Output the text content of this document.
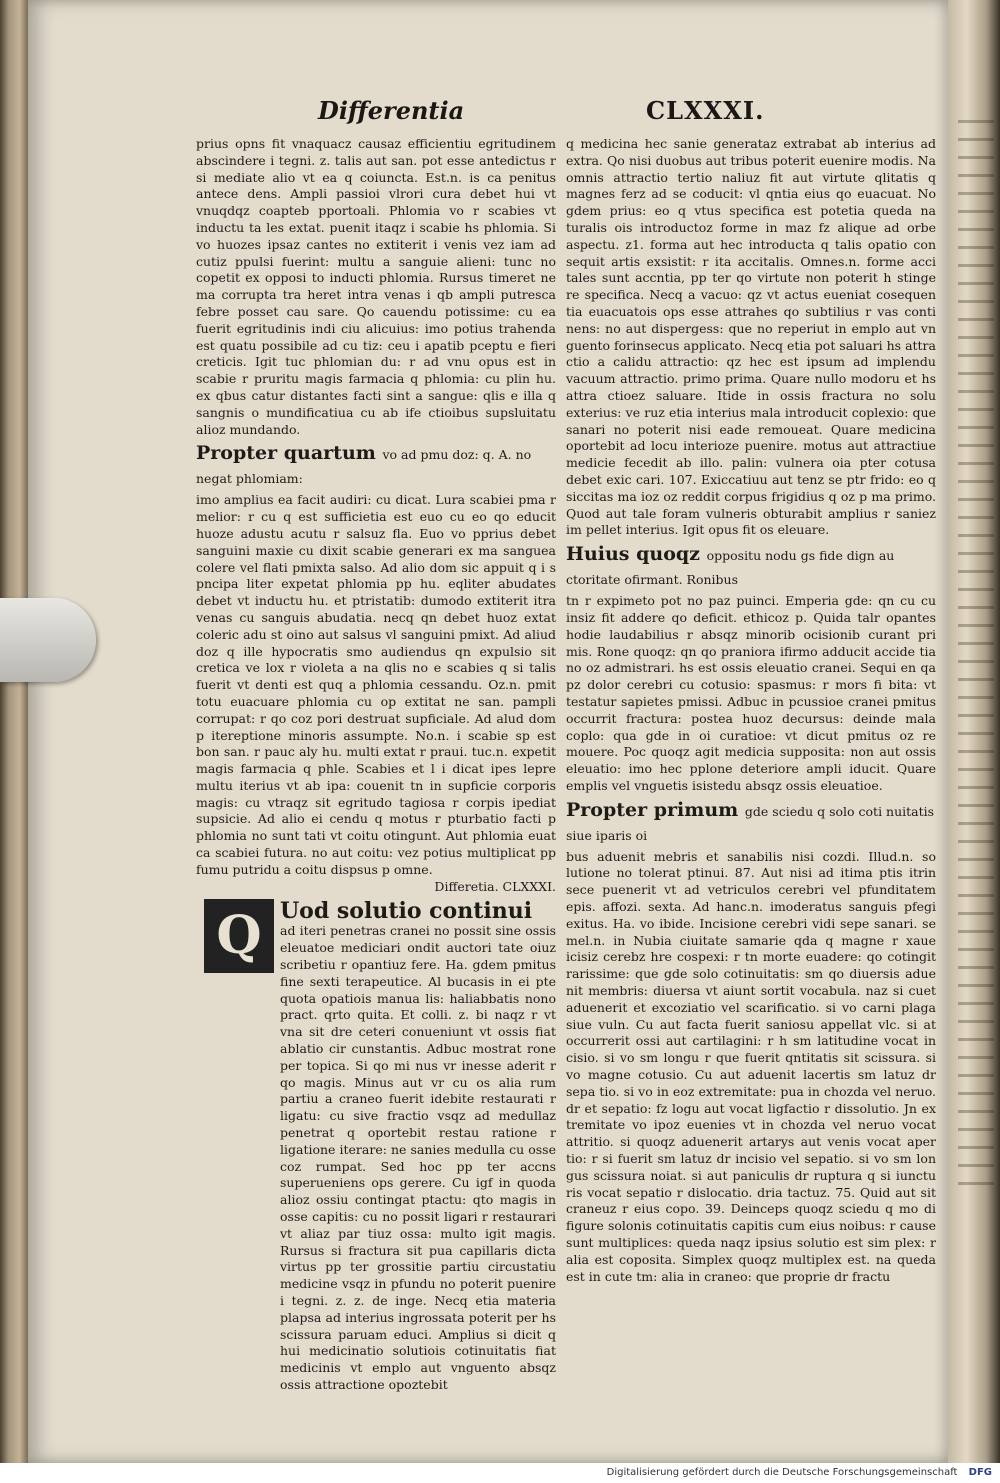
Differentia	CLXXXI.

prius opns fit vnaquacz causaz efficientiu egritudinem abscindere i tegni. z. talis aut san. pot esse antedictus r si mediate alio vt ea q coiuncta. Est.n. is ca penitus antece dens. Ampli passioi vlrori cura debet hui vt vnuqdqz coapteb pportoali. Phlomia vo r scabies vt inductu ta les extat. puenit itaqz i scabie hs phlomia. Si vo huozes ipsaz cantes no extiterit i venis vez iam ad cutiz ppulsi fuerint: multu a sanguie alieni: tunc no copetit ex opposi to inducti phlomia. Rursus timeret ne ma corrupta tra heret intra venas i qb ampli putresca febre posset cau sare. Qo cauendu potissime: cu ea fuerit egritudinis indi ciu alicuius: imo potius trahenda est quatu possibile ad cu tiz: ceu i apatib pceptu e fieri creticis. Igit tuc phlomian du: r ad vnu opus est in scabie r pruritu magis farmacia q phlomia: cu plin hu. ex qbus catur distantes facti sint a sangue: qlis e illa q sangnis o mundificatiua cu ab ife ctioibus supsluitatu alioz mundando.

Propter quartum vo ad pmu doz: q. A. no negat phlomiam:

imo amplius ea facit audiri: cu dicat. Lura scabiei pma r melior: r cu q est sufficietia est euo cu eo qo educit huoze adustu acutu r salsuz fla. Euo vo pprius debet sanguini maxie cu dixit scabie generari ex ma sanguea colere vel flati pmixta salso. Ad alio dom sic appuit q i s pncipa liter expetat phlomia pp hu. eqliter abudates debet vt inductu hu. et ptristatib: dumodo extiterit itra venas cu sanguis abudatia. necq qn debet huoz extat coleric adu st oino aut salsus vl sanguini pmixt. Ad aliud doz q ille hypocratis smo audiendus qn expulsio sit cretica ve lox r violeta a na qlis no e scabies q si talis fuerit vt denti est quq a phlomia cessandu. Oz.n. pmit totu euacuare phlomia cu op extitat ne san. pampli corrupat: r qo coz pori destruat supficiale. Ad alud dom p itereptione minoris assumpte. No.n. i scabie sp est bon san. r pauc aly hu. multi extat r praui. tuc.n. expetit magis farmacia q phle. Scabies et l i dicat ipes lepre multu iterius vt ab ipa: couenit tn in supficie corporis magis: cu vtraqz sit egritudo tagiosa r corpis ipediat supsicie. Ad alio ei cendu q motus r pturbatio facti p phlomia no sunt tati vt coitu otingunt. Aut phlomia euat ca scabiei futura. no aut coitu: vez potius multiplicat pp fumu putridu a coitu dispsus p omne.

Differetia. CLXXXI.

Q Uod solutio continui

ad iteri penetras cranei no possit sine ossis eleuatoe mediciari ondit auctori tate oiuz scribetiu r opantiuz fere. Ha. gdem pmitus fine sexti terapeutice. Al bucasis in ei pte quota opatiois manua lis: haliabbatis nono pract. qrto quita. Et colli. z. bi naqz r vt vna sit dre ceteri conueniunt vt ossis fiat ablatio cir cunstantis. Adbuc mostrat rone per topica. Si qo mi nus vr inesse aderit r qo magis. Minus aut vr cu os alia rum partiu a craneo fuerit idebite restaurati r ligatu: cu sive fractio vsqz ad medullaz penetrat q oportebit restau ratione r ligatione iterare: ne sanies medulla cu osse coz rumpat. Sed hoc pp ter accns superueniens ops gerere. Cu igf in quoda alioz ossiu contingat ptactu: qto magis in osse capitis: cu no possit ligari r restaurari vt aliaz par tiuz ossa: multo igit magis. Rursus si fractura sit pua capillaris dicta virtus pp ter grossitie partiu circustatiu medicine vsqz in pfundu no poterit puenire i tegni. z. z. de inge. Necq etia materia plapsa ad interius ingrossata poterit per hs scissura paruam educi. Amplius si dicit q hui medicinatio solutiois cotinuitatis fiat medicinis vt emplo aut vnguento absqz ossis attractione opoztebit

q medicina hec sanie generataz extrabat ab interius ad extra. Qo nisi duobus aut tribus poterit euenire modis. Na omnis attractio tertio naliuz fit aut virtute qlitatis q magnes ferz ad se coducit: vl qntia eius qo euacuat. No gdem prius: eo q vtus specifica est potetia queda na turalis ois introductoz forme in maz fz alique ad orbe aspectu. z1. forma aut hec introducta q talis opatio con sequit artis exsistit: r ita accitalis. Omnes.n. forme acci tales sunt accntia, pp ter qo virtute non poterit h stinge re specifica. Necq a vacuo: qz vt actus eueniat cosequen tia euacuatois ops esse attrahes qo subtilius r vas conti nens: no aut dispergess: que no reperiut in emplo aut vn guento forinsecus applicato. Necq etia pot saluari hs attra ctio a calidu attractio: qz hec est ipsum ad implendu vacuum attractio. primo prima. Quare nullo modoru et hs attra ctioez saluare. Itide in ossis fractura no solu exterius: ve ruz etia interius mala introducit coplexio: que sanari no poterit nisi eade remoueat. Quare medicina oportebit ad locu interioze puenire. motus aut attractiue medicie fecedit ab illo. palin: vulnera oia pter cotusa debet exic cari. 107. Exiccatiuu aut tenz se ptr frido: eo q siccitas ma ioz oz reddit corpus frigidius q oz p ma primo. Quod aut tale foram vulneris obturabit amplius r saniez im pellet interius. Igit opus fit os eleuare.

Huius quoqz oppositu nodu gs fide dign au ctoritate ofirmant. Ronibus

tn r expimeto pot no paz puinci. Emperia gde: qn cu cu insiz fit addere qo deficit. ethicoz p. Quida talr opantes hodie laudabilius r absqz minorib ocisionib curant pri mis. Rone quoqz: qn qo praniora ifirmo adducit accide tia no oz admistrari. hs est ossis eleuatio cranei. Sequi en qa pz dolor cerebri cu cotusio: spasmus: r mors fi bita: vt testatur sapietes pmissi. Adbuc in pcussioe cranei pmitus occurrit fractura: postea huoz decursus: deinde mala coplo: qua gde in oi curatioe: vt dicut pmitus oz re mouere. Poc quoqz agit medicia supposita: non aut ossis eleuatio: imo hec pplone deteriore ampli iducit. Quare emplis vel vnguetis isistedu absqz ossis eleuatioe.

Propter primum gde sciedu q solo coti nuitatis siue iparis oi

bus aduenit mebris et sanabilis nisi cozdi. Illud.n. so lutione no tolerat ptinui. 87. Aut nisi ad itima ptis itrin sece puenerit vt ad vetriculos cerebri vel pfunditatem epis. affozi. sexta. Ad hanc.n. imoderatus sanguis pfegi exitus. Ha. vo ibide. Incisione cerebri vidi sepe sanari. se mel.n. in Nubia ciuitate samarie qda q magne r xaue icisiz cerebz hre cospexi: r tn morte euadere: qo cotingit rarissime: que gde solo cotinuitatis: sm qo diuersis adue nit membris: diuersa vt aiunt sortit vocabula. naz si cuet aduenerit et excoziatio vel scarificatio. si vo carni plaga siue vuln. Cu aut facta fuerit saniosu appellat vlc. si at occurrerit ossi aut cartilagini: r h sm latitudine vocat in cisio. si vo sm longu r que fuerit qntitatis sit scissura. si vo magne cotusio. Cu aut aduenit lacertis sm latuz dr sepa tio. si vo in eoz extremitate: pua in chozda vel neruo. dr et sepatio: fz logu aut vocat ligfactio r dissolutio. Jn ex tremitate vo ipoz euenies vt in chozda vel neruo vocat attritio. si quoqz aduenerit artarys aut venis vocat aper tio: r si fuerit sm latuz dr incisio vel sepatio. si vo sm lon gus scissura noiat. si aut paniculis dr ruptura q si iunctu ris vocat sepatio r dislocatio. dria tactuz. 75. Quid aut sit craneuz r eius copo. 39. Deinceps quoqz sciedu q mo di figure solonis cotinuitatis capitis cum eius noibus: r cause sunt multiplices: queda naqz ipsius solutio est sim plex: r alia est coposita. Simplex quoqz multiplex est. na queda est in cute tm: alia in craneo: que proprie dr fractu

Digitalisierung gefördert durch die Deutsche Forschungsgemeinschaft DFG
